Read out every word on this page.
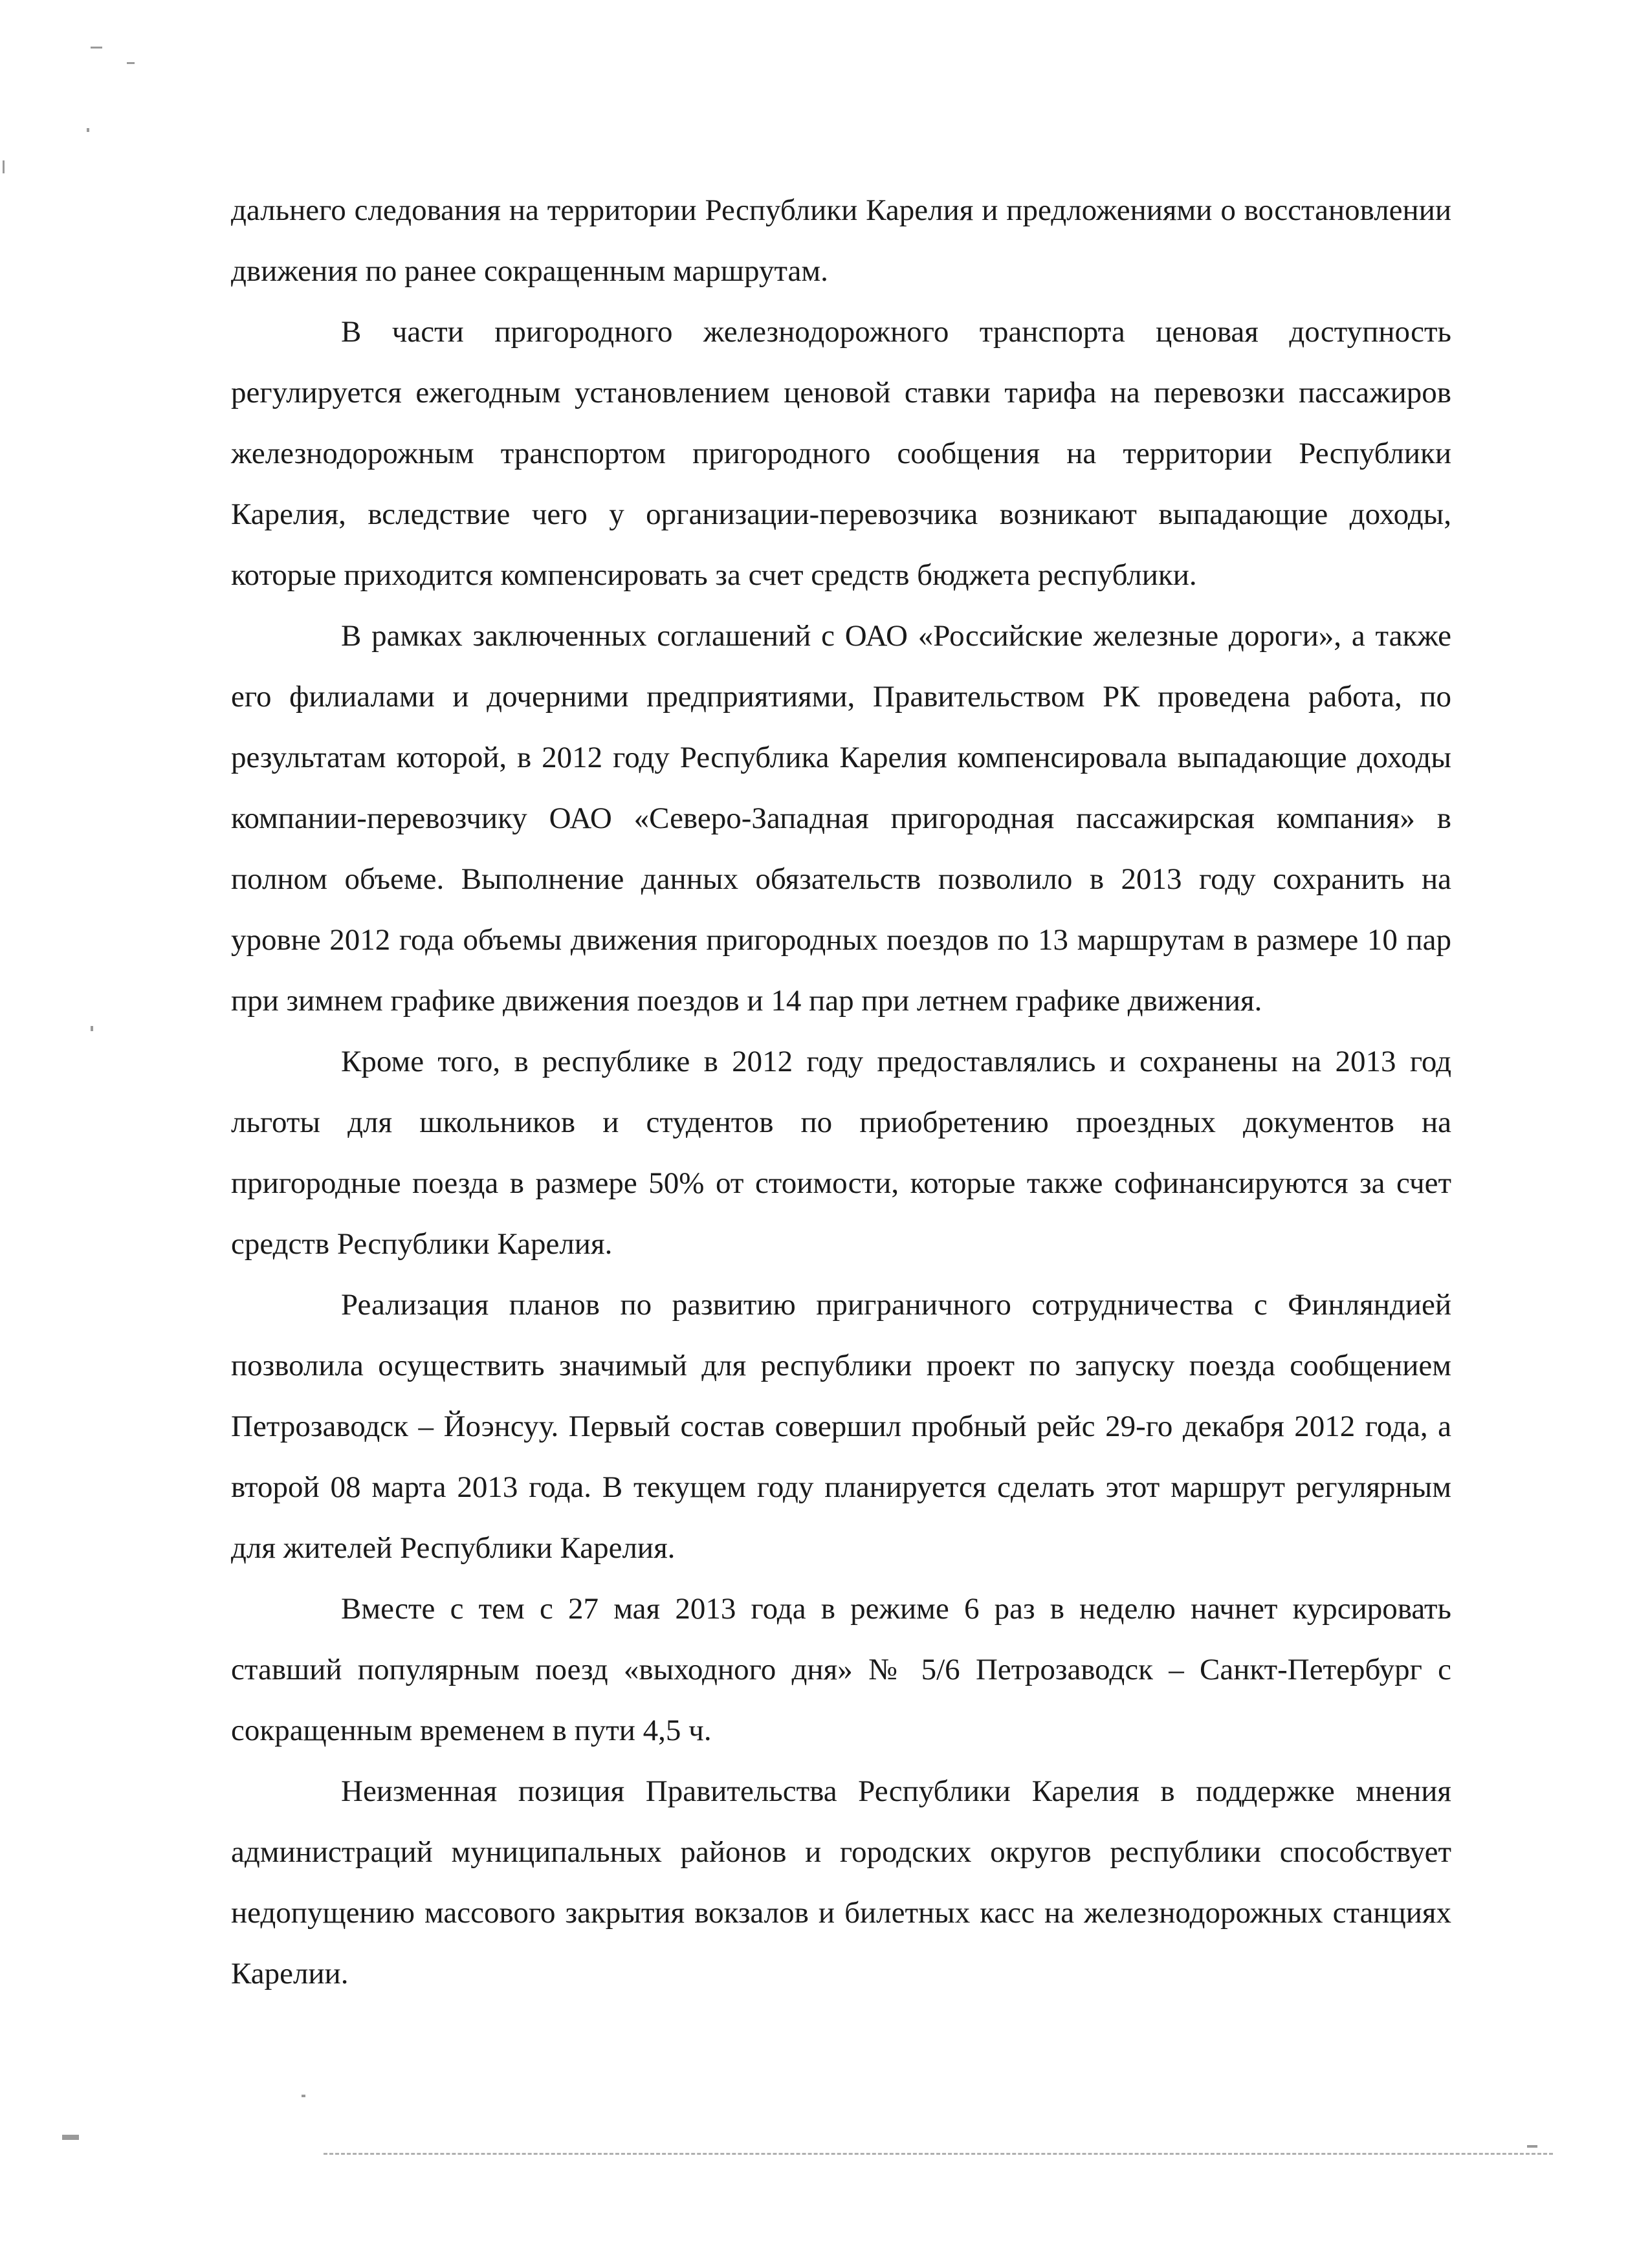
дальнего следования на территории Республики Карелия и предложениями о восстановлении движения по ранее сокращенным маршрутам.

В части пригородного железнодорожного транспорта ценовая доступность регулируется ежегодным установлением ценовой ставки тарифа на перевозки пассажиров железнодорожным транспортом пригородного сообщения на территории Республики Карелия, вследствие чего у организации-перевозчика возникают выпадающие доходы, которые приходится компенсировать за счет средств бюджета республики.

В рамках заключенных соглашений с ОАО «Российские железные дороги», а также его филиалами и дочерними предприятиями, Правительством РК проведена работа, по результатам которой, в 2012 году Республика Карелия компенсировала выпадающие доходы компании-перевозчику ОАО «Северо-Западная пригородная пассажирская компания» в полном объеме. Выполнение данных обязательств позволило в 2013 году сохранить на уровне 2012 года объемы движения пригородных поездов по 13 маршрутам в размере 10 пар при зимнем графике движения поездов и 14 пар при летнем графике движения.

Кроме того, в республике в 2012 году предоставлялись и сохранены на 2013 год льготы для школьников и студентов по приобретению проездных документов на пригородные поезда в размере 50% от стоимости, которые также софинансируются за счет средств Республики Карелия.

Реализация планов по развитию приграничного сотрудничества с Финляндией позволила осуществить значимый для республики проект по запуску поезда сообщением Петрозаводск – Йоэнсуу. Первый состав совершил пробный рейс 29-го декабря 2012 года, а второй 08 марта 2013 года. В текущем году планируется сделать этот маршрут регулярным для жителей Республики Карелия.

Вместе с тем с 27 мая 2013 года в режиме 6 раз в неделю начнет курсировать ставший популярным поезд «выходного дня» № 5/6 Петрозаводск – Санкт-Петербург с сокращенным временем в пути 4,5 ч.

Неизменная позиция Правительства Республики Карелия в поддержке мнения администраций муниципальных районов и городских округов республики способствует недопущению массового закрытия вокзалов и билетных касс на железнодорожных станциях Карелии.
